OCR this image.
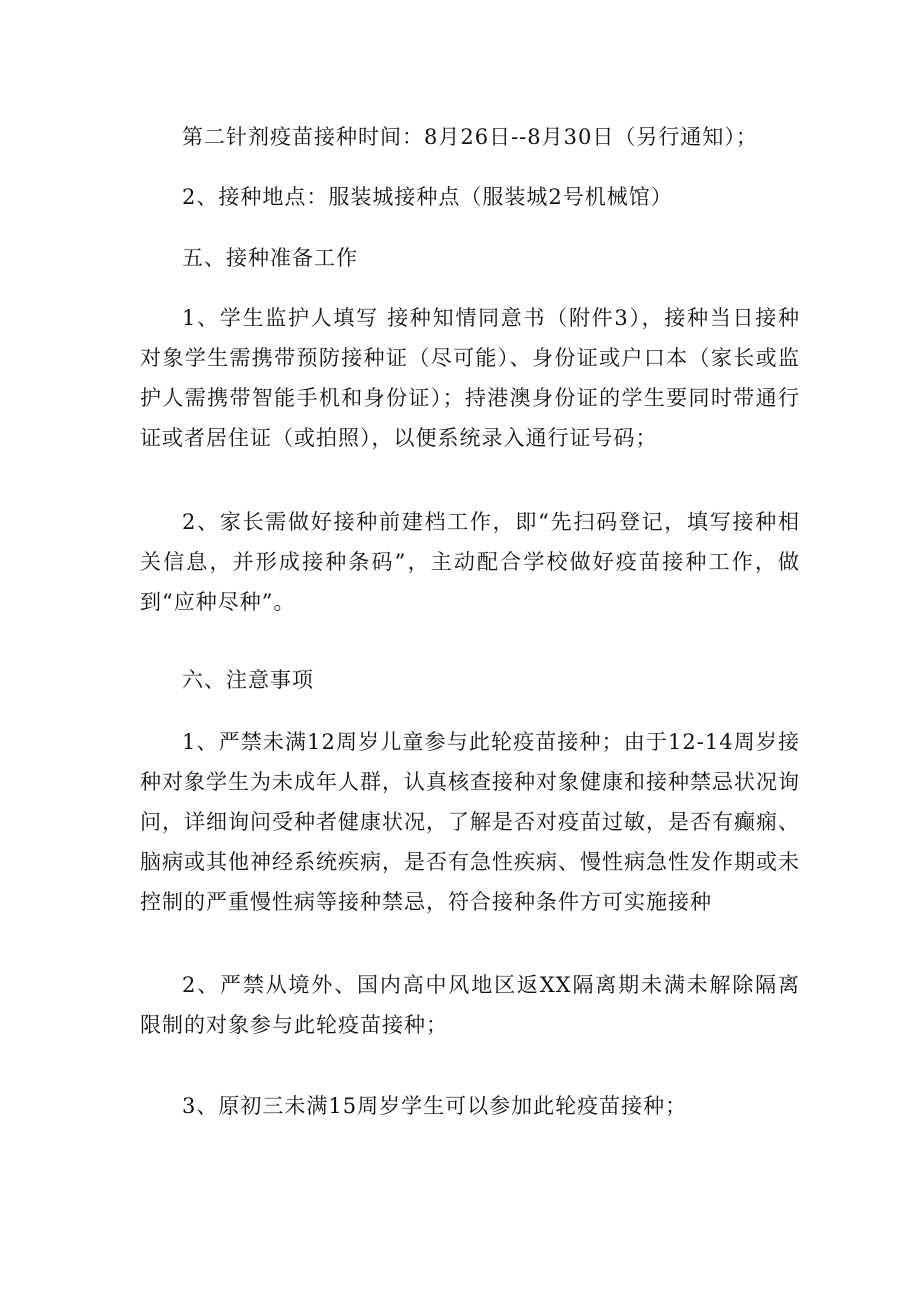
第二针剂疫苗接种时间：8月26日--8月30日（另行通知）；

2、接种地点：服装城接种点（服装城2号机械馆）

五、接种准备工作

1、学生监护人填写 接种知情同意书（附件3），接种当日接种对象学生需携带预防接种证（尽可能）、身份证或户口本（家长或监护人需携带智能手机和身份证）；持港澳身份证的学生要同时带通行证或者居住证（或拍照），以便系统录入通行证号码；

2、家长需做好接种前建档工作，即“先扫码登记，填写接种相关信息，并形成接种条码”，主动配合学校做好疫苗接种工作，做到“应种尽种”。

六、注意事项

1、严禁未满12周岁儿童参与此轮疫苗接种；由于12-14周岁接种对象学生为未成年人群，认真核查接种对象健康和接种禁忌状况询问，详细询问受种者健康状况，了解是否对疫苗过敏，是否有癫痫、脑病或其他神经系统疾病，是否有急性疾病、慢性病急性发作期或未控制的严重慢性病等接种禁忌，符合接种条件方可实施接种

2、严禁从境外、国内高中风地区返XX隔离期未满未解除隔离限制的对象参与此轮疫苗接种；

3、原初三未满15周岁学生可以参加此轮疫苗接种；
